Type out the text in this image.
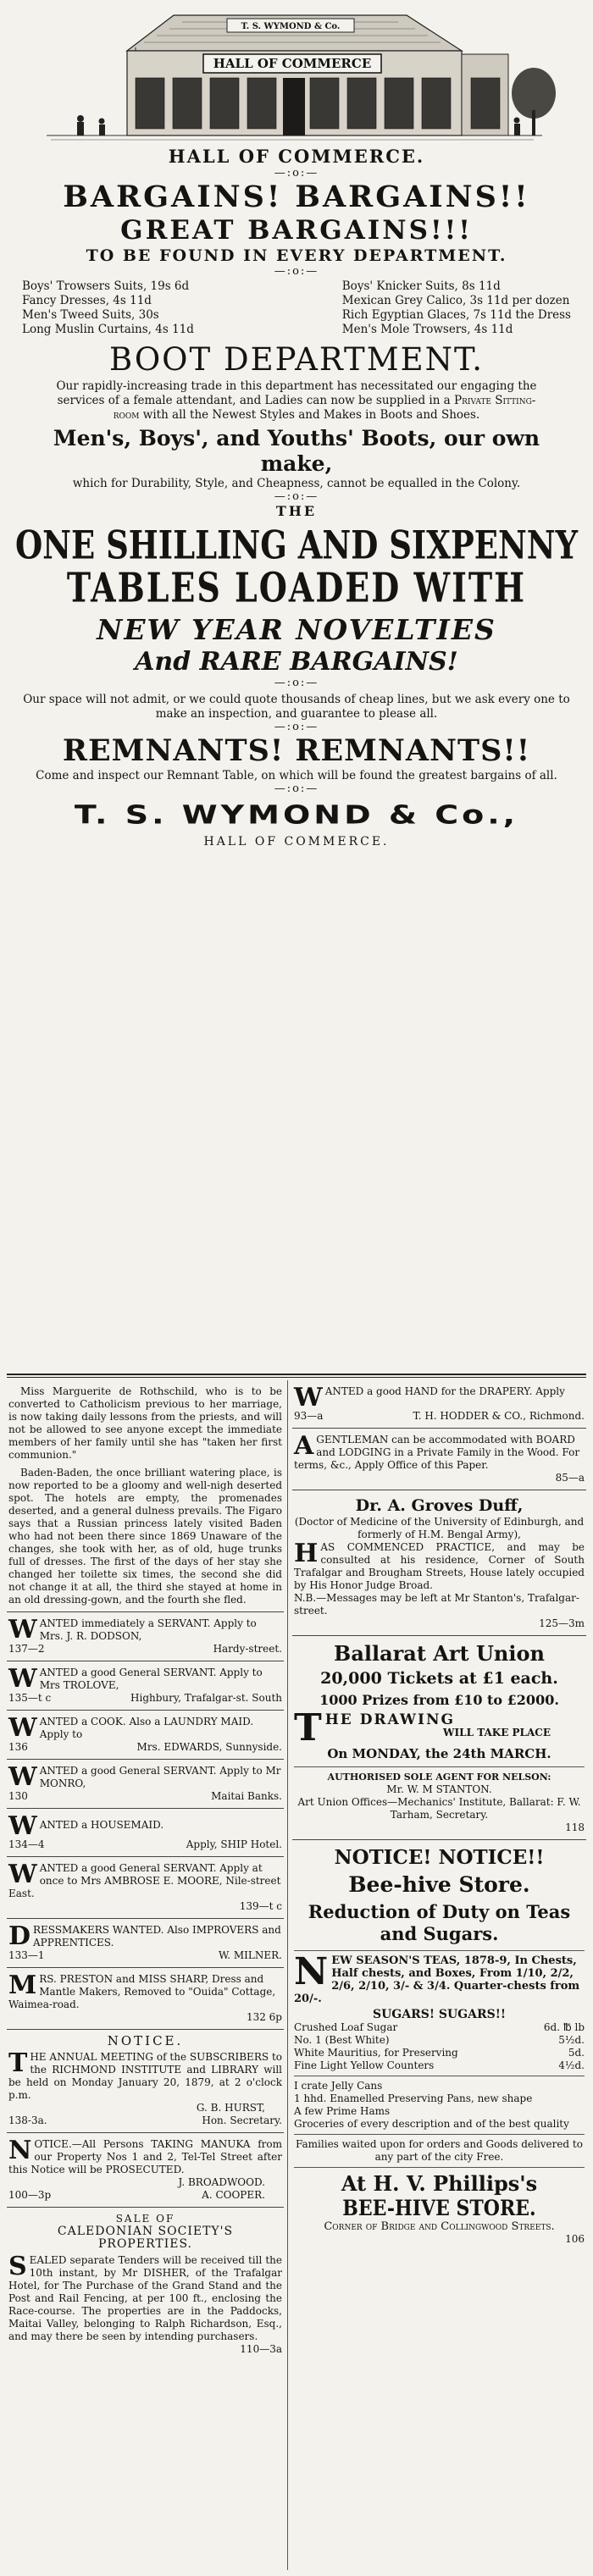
T. S. WYMOND & Co.
HALL OF COMMERCE
HALL OF COMMERCE.
—:o:—
BARGAINS! BARGAINS!!
GREAT BARGAINS!!!
TO BE FOUND IN EVERY DEPARTMENT.
—:o:—
Boys' Trowsers Suits, 19s 6d
Fancy Dresses, 4s 11d
Men's Tweed Suits, 30s
Long Muslin Curtains, 4s 11d
Boys' Knicker Suits, 8s 11d
Mexican Grey Calico, 3s 11d per dozen
Rich Egyptian Glaces, 7s 11d the Dress
Men's Mole Trowsers, 4s 11d
BOOT DEPARTMENT.
Our rapidly-increasing trade in this department has necessitated our engaging the services of a female attendant, and Ladies can now be supplied in a Private Sitting-room with all the Newest Styles and Makes in Boots and Shoes.
Men's, Boys', and Youths' Boots, our own make,
which for Durability, Style, and Cheapness, cannot be equalled in the Colony.
—:o:—
THE
ONE SHILLING AND SIXPENNY
TABLES LOADED WITH
NEW YEAR NOVELTIES
And RARE BARGAINS!
—:o:—
Our space will not admit, or we could quote thousands of cheap lines, but we ask every one to make an inspection, and guarantee to please all.
—:o:—
REMNANTS! REMNANTS!!
Come and inspect our Remnant Table, on which will be found the greatest bargains of all.
—:o:—
T. S. WYMOND & Co.,
HALL OF COMMERCE.
Miss Marguerite de Rothschild, who is to be converted to Catholicism previous to her marriage, is now taking daily lessons from the priests, and will not be allowed to see anyone except the immediate members of her family until she has "taken her first communion."
Baden-Baden, the once brilliant watering place, is now reported to be a gloomy and well-nigh deserted spot. The hotels are empty, the promenades deserted, and a general dulness prevails. The Figaro says that a Russian princess lately visited Baden who had not been there since 1869 Unaware of the changes, she took with her, as of old, huge trunks full of dresses. The first of the days of her stay she changed her toilette six times, the second she did not change it at all, the third she stayed at home in an old dressing-gown, and the fourth she fled.
W ANTED immediately a SERVANT. Apply to Mrs. J. R. DODSON,
137—2	Hardy-street.
W ANTED a good General SERVANT. Apply to Mrs TROLOVE,
135—t c	Highbury, Trafalgar-st. South
W ANTED a COOK. Also a LAUNDRY MAID. Apply to
136	Mrs. EDWARDS, Sunnyside.
W ANTED a good General SERVANT. Apply to Mr MONRO,
130	Maitai Banks.
W ANTED a HOUSEMAID.
134—4	Apply, SHIP Hotel.
W ANTED a good General SERVANT. Apply at once to Mrs AMBROSE E. MOORE, Nile-street East.
139—t c
D RESSMAKERS WANTED. Also IMPROVERS and APPRENTICES.
133—1	W. MILNER.
M RS. PRESTON and MISS SHARP, Dress and Mantle Makers, Removed to "Ouida" Cottage, Waimea-road.
132 6p
NOTICE.
T HE ANNUAL MEETING of the SUBSCRIBERS to the RICHMOND INSTITUTE and LIBRARY will be held on Monday January 20, 1879, at 2 o'clock p.m.
G. B. HURST,
138-3a.	Hon. Secretary.
N OTICE.—All Persons TAKING MANUKA from our Property Nos 1 and 2, Tel-Tel Street after this Notice will be PROSECUTED.
J. BROADWOOD.
100—3p	A. COOPER.
SALE OF
CALEDONIAN SOCIETY'S PROPERTIES.
S EALED separate Tenders will be received till the 10th instant, by Mr DISHER, of the Trafalgar Hotel, for The Purchase of the Grand Stand and the Post and Rail Fencing, at per 100 ft., enclosing the Race-course. The properties are in the Paddocks, Maitai Valley, belonging to Ralph Richardson, Esq., and may there be seen by intending purchasers.
110—3a
W ANTED a good HAND for the DRAPERY. Apply
93—a	T. H. HODDER & CO., Richmond.
A GENTLEMAN can be accommodated with BOARD and LODGING in a Private Family in the Wood. For terms, &c., Apply Office of this Paper.
85—a
Dr. A. Groves Duff,
(Doctor of Medicine of the University of Edinburgh, and formerly of H.M. Bengal Army),
H AS COMMENCED PRACTICE, and may be consulted at his residence, Corner of South Trafalgar and Brougham Streets, House lately occupied by His Honor Judge Broad.
N.B.—Messages may be left at Mr Stanton's, Trafalgar-street.
125—3m
Ballarat Art Union
20,000 Tickets at £1 each.
1000 Prizes from £10 to £2000.
T HE DRAWING
WILL TAKE PLACE
On MONDAY, the 24th MARCH.
AUTHORISED SOLE AGENT FOR NELSON:
Mr. W. M STANTON.
Art Union Offices—Mechanics' Institute, Ballarat: F. W. Tarham, Secretary.
118
NOTICE! NOTICE!!
Bee-hive Store.
Reduction of Duty on Teas and Sugars.
N EW SEASON'S TEAS, 1878-9, In Chests, Half chests, and Boxes, From 1/10, 2/2, 2/6, 2/10, 3/- & 3/4. Quarter-chests from 20/-.
SUGARS! SUGARS!!
Crushed Loaf Sugar	6d. ℔ lb
No. 1 (Best White)	5½d.
White Mauritius, for Preserving	5d.
Fine Light Yellow Counters	4½d.
I crate Jelly Cans
1 hhd. Enamelled Preserving Pans, new shape
A few Prime Hams
Groceries of every description and of the best quality
Families waited upon for orders and Goods delivered to any part of the city Free.
At H. V. Phillips's
BEE-HIVE STORE.
Corner of Bridge and Collingwood Streets.
106
